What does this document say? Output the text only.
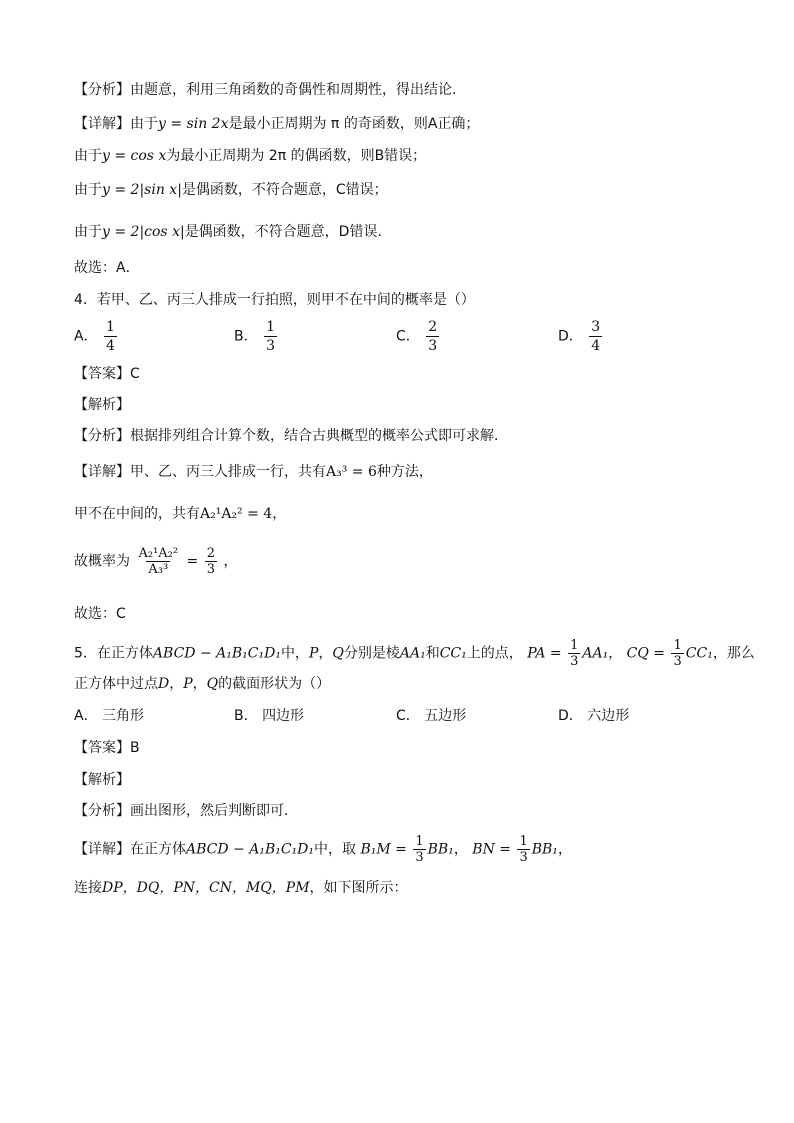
【分析】由题意，利用三角函数的奇偶性和周期性，得出结论．
【详解】由于y = sin 2x是最小正周期为 π 的奇函数，则A正确；
由于y = cos x为最小正周期为 2π 的偶函数，则B错误；
由于y = 2|sin x|是偶函数，不符合题意，C错误；
由于y = 2|cos x|是偶函数，不符合题意，D错误．
故选：A．
4．若甲、乙、丙三人排成一行拍照，则甲不在中间的概率是（）
A． $\frac{1}{4}$	B． $\frac{1}{3}$	C． $\frac{2}{3}$	D． $\frac{3}{4}$
【答案】C
【解析】
【分析】根据排列组合计算个数，结合古典概型的概率公式即可求解．
【详解】甲、乙、丙三人排成一行，共有A₃³ = 6种方法，
甲不在中间的，共有A₂¹A₂² = 4，
故概率为 $\frac{\text{A₂¹A₂²}}{\text{A₃³}} = \frac{2}{3}$ ，
故选：C
5．在正方体ABCD − A₁B₁C₁D₁中，P，Q分别是棱AA₁和CC₁上的点， PA = $\frac{1}{3} AA_1$， CQ = $\frac{1}{3} CC_1$，那么
正方体中过点D，P，Q的截面形状为（）
A． 三角形	B． 四边形	C． 五边形	D． 六边形
【答案】B
【解析】
【分析】画出图形，然后判断即可．
【详解】在正方体ABCD − A₁B₁C₁D₁中，取 $B_1M = \frac{1}{3} BB_1$， BN = $\frac{1}{3} BB_1$，
连接DP，DQ，PN，CN，MQ，PM，如下图所示：
